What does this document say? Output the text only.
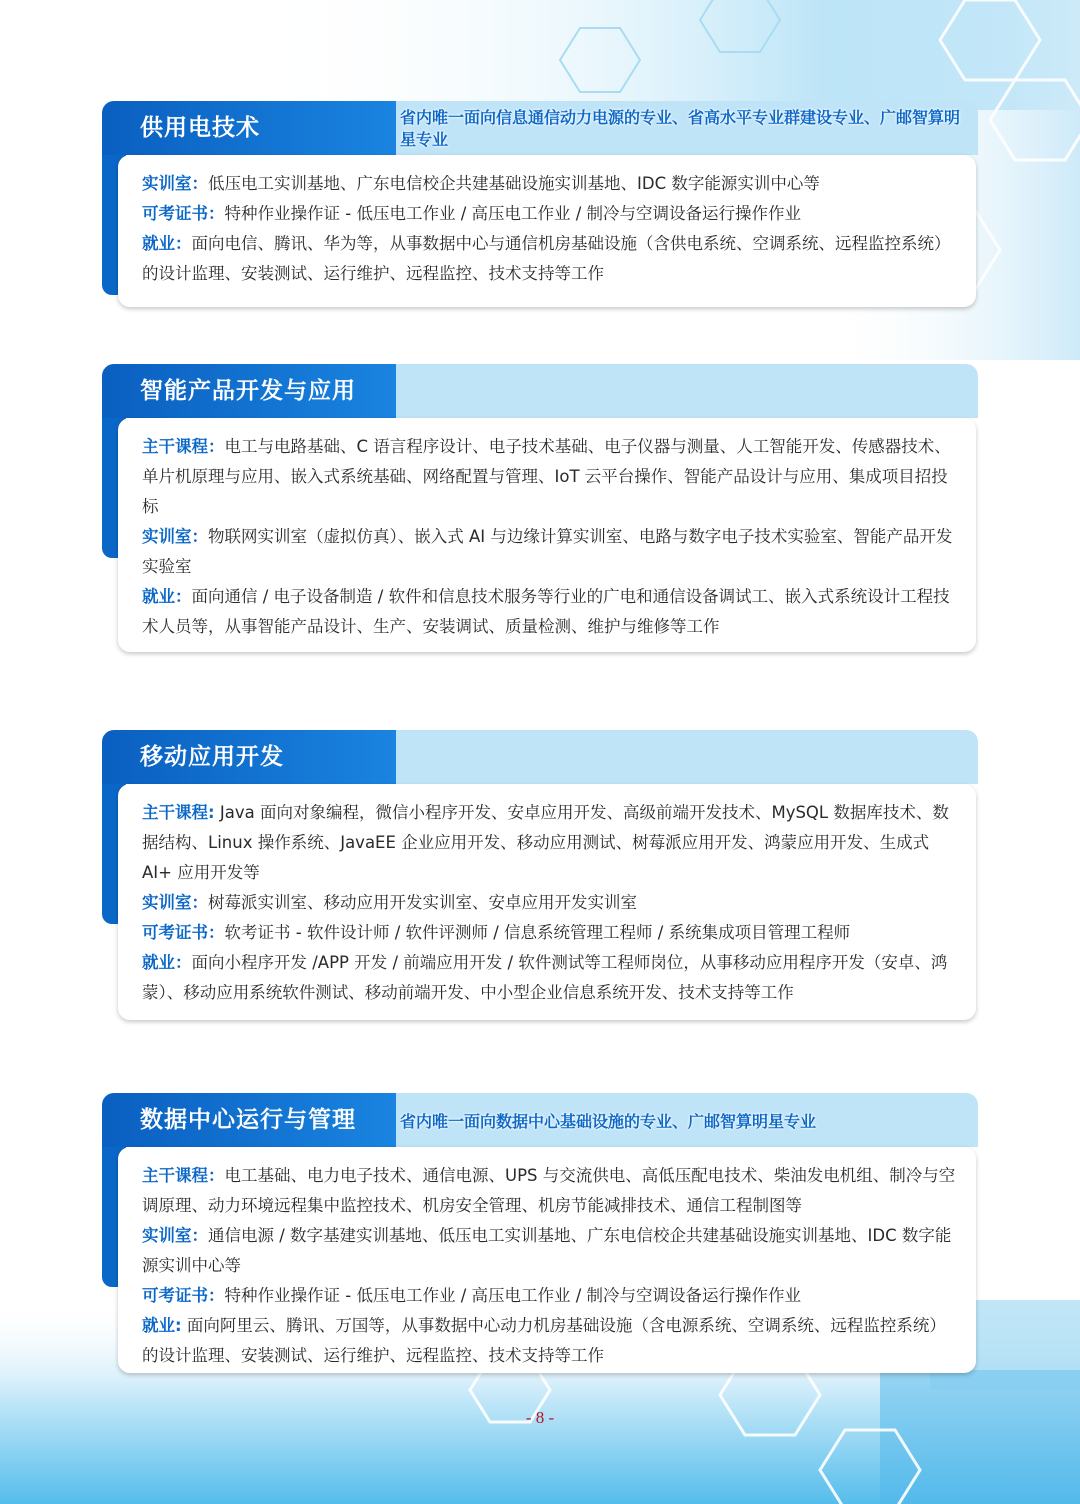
供用电技术	省内唯一面向信息通信动力电源的专业、省高水平专业群建设专业、广邮智算明星专业

实训室：低压电工实训基地、广东电信校企共建基础设施实训基地、IDC 数字能源实训中心等

可考证书：特种作业操作证 - 低压电工作业 / 高压电工作业 / 制冷与空调设备运行操作作业

就业：面向电信、腾讯、华为等，从事数据中心与通信机房基础设施（含供电系统、空调系统、远程监控系统）的设计监理、安装测试、运行维护、远程监控、技术支持等工作

智能产品开发与应用

主干课程：电工与电路基础、C 语言程序设计、电子技术基础、电子仪器与测量、人工智能开发、传感器技术、单片机原理与应用、嵌入式系统基础、网络配置与管理、IoT 云平台操作、智能产品设计与应用、集成项目招投标

实训室：物联网实训室（虚拟仿真）、嵌入式 AI 与边缘计算实训室、电路与数字电子技术实验室、智能产品开发实验室

就业：面向通信 / 电子设备制造 / 软件和信息技术服务等行业的广电和通信设备调试工、嵌入式系统设计工程技术人员等，从事智能产品设计、生产、安装调试、质量检测、维护与维修等工作

移动应用开发

主干课程: Java 面向对象编程，微信小程序开发、安卓应用开发、高级前端开发技术、MySQL 数据库技术、数据结构、Linux 操作系统、JavaEE 企业应用开发、移动应用测试、树莓派应用开发、鸿蒙应用开发、生成式 AI+ 应用开发等

实训室：树莓派实训室、移动应用开发实训室、安卓应用开发实训室

可考证书：软考证书 - 软件设计师 / 软件评测师 / 信息系统管理工程师 / 系统集成项目管理工程师

就业：面向小程序开发 /APP 开发 / 前端应用开发 / 软件测试等工程师岗位，从事移动应用程序开发（安卓、鸿蒙）、移动应用系统软件测试、移动前端开发、中小型企业信息系统开发、技术支持等工作

数据中心运行与管理	省内唯一面向数据中心基础设施的专业、广邮智算明星专业

主干课程：电工基础、电力电子技术、通信电源、UPS 与交流供电、高低压配电技术、柴油发电机组、制冷与空调原理、动力环境远程集中监控技术、机房安全管理、机房节能减排技术、通信工程制图等

实训室：通信电源 / 数字基建实训基地、低压电工实训基地、广东电信校企共建基础设施实训基地、IDC 数字能源实训中心等

可考证书：特种作业操作证 - 低压电工作业 / 高压电工作业 / 制冷与空调设备运行操作作业

就业: 面向阿里云、腾讯、万国等，从事数据中心动力机房基础设施（含电源系统、空调系统、远程监控系统）的设计监理、安装测试、运行维护、远程监控、技术支持等工作

- 8 -
